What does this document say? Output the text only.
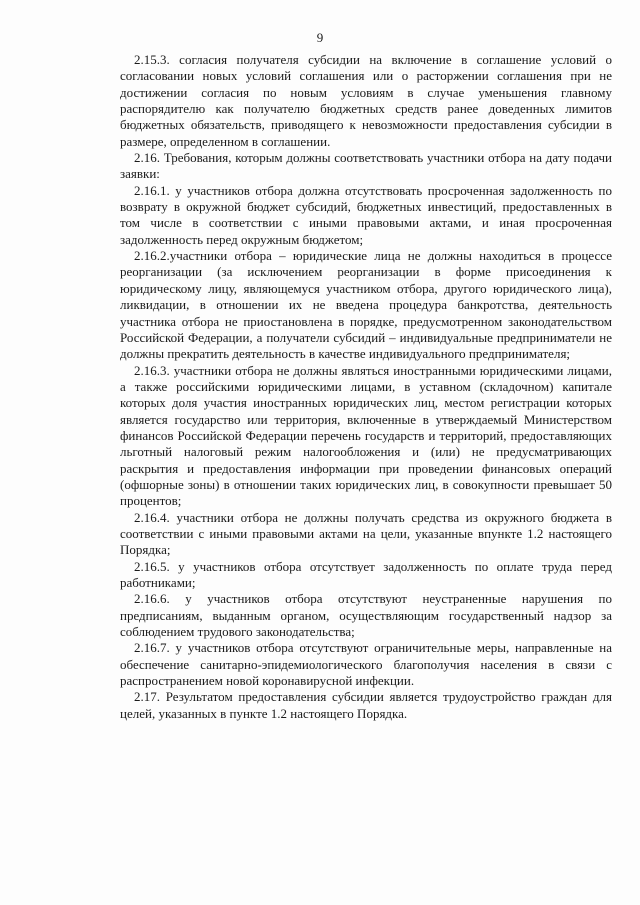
9

2.15.3. согласия получателя субсидии на включение в соглашение условий о согласовании новых условий соглашения или о расторжении соглашения при не достижении согласия по новым условиям в случае уменьшения главному распорядителю как получателю бюджетных средств ранее доведенных лимитов бюджетных обязательств, приводящего к невозможности предоставления субсидии в размере, определенном в соглашении.

2.16. Требования, которым должны соответствовать участники отбора на дату подачи заявки:

2.16.1. у участников отбора должна отсутствовать просроченная задолженность по возврату в окружной бюджет субсидий, бюджетных инвестиций, предоставленных в том числе в соответствии с иными правовыми актами, и иная просроченная задолженность перед окружным бюджетом;

2.16.2.участники отбора – юридические лица не должны находиться в процессе реорганизации (за исключением реорганизации в форме присоединения к юридическому лицу, являющемуся участником отбора, другого юридического лица), ликвидации, в отношении их не введена процедура банкротства, деятельность участника отбора не приостановлена в порядке, предусмотренном законодательством Российской Федерации, а получатели субсидий – индивидуальные предприниматели не должны прекратить деятельность в качестве индивидуального предпринимателя;

2.16.3. участники отбора не должны являться иностранными юридическими лицами, а также российскими юридическими лицами, в уставном (складочном) капитале которых доля участия иностранных юридических лиц, местом регистрации которых является государство или территория, включенные в утверждаемый Министерством финансов Российской Федерации перечень государств и территорий, предоставляющих льготный налоговый режим налогообложения и (или) не предусматривающих раскрытия и предоставления информации при проведении финансовых операций (офшорные зоны) в отношении таких юридических лиц, в совокупности превышает 50 процентов;

2.16.4. участники отбора не должны получать средства из окружного бюджета в соответствии с иными правовыми актами на цели, указанные впункте 1.2 настоящего Порядка;

2.16.5. у участников отбора отсутствует задолженность по оплате труда перед работниками;

2.16.6. у участников отбора отсутствуют неустраненные нарушения по предписаниям, выданным органом, осуществляющим государственный надзор за соблюдением трудового законодательства;

2.16.7. у участников отбора отсутствуют ограничительные меры, направленные на обеспечение санитарно-эпидемиологического благополучия населения в связи с распространением новой коронавирусной инфекции.

2.17. Результатом предоставления субсидии является трудоустройство граждан для целей, указанных в пункте 1.2 настоящего Порядка.
